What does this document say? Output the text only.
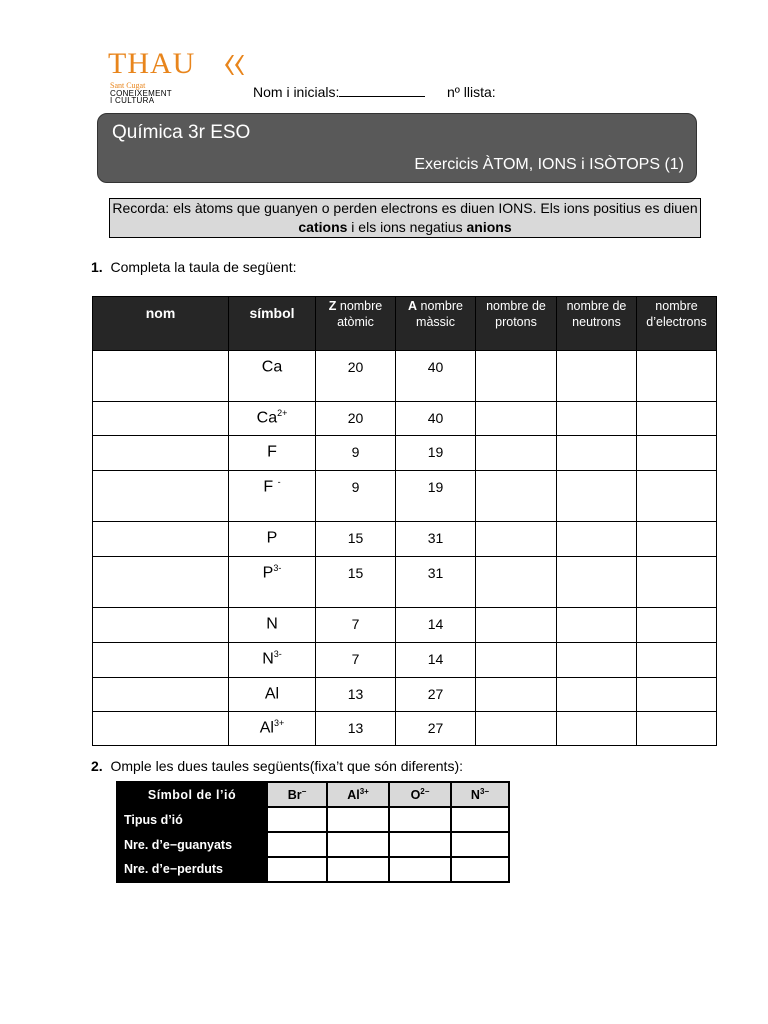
THAU
Sant Cugat
CONEIXEMENT
I CULTURA
Nom i inicials:	nº llista:
Química 3r ESO
Exercicis ÀTOM, IONS i ISÒTOPS (1)
Recorda: els àtoms que guanyen o perden electrons es diuen IONS. Els ions positius es diuen cations i els ions negatius anions
1. Completa la taula de següent:
nom	símbol	Z nombre atòmic	A nombre màssic	nombre de protons	nombre de neutrons	nombre d’electrons
	Ca	20	40			
	$Ca^{2+}$	20	40			
	F	9	19			
	F -	9	19			
	P	15	31			
	$P^{3-}$	15	31			
	N	7	14			
	$N^{3-}$	7	14			
	Al	13	27			
	$Al^{3+}$	13	27			
2. Omple les dues taules següents(fixa’t que són diferents):
Símbol de l’ió	Br−	$Al^{3+}$	$O^{2-}$	$N^{3-}$
Tipus d’ió				
Nre. d’e−guanyats				
Nre. d’e−perduts				
